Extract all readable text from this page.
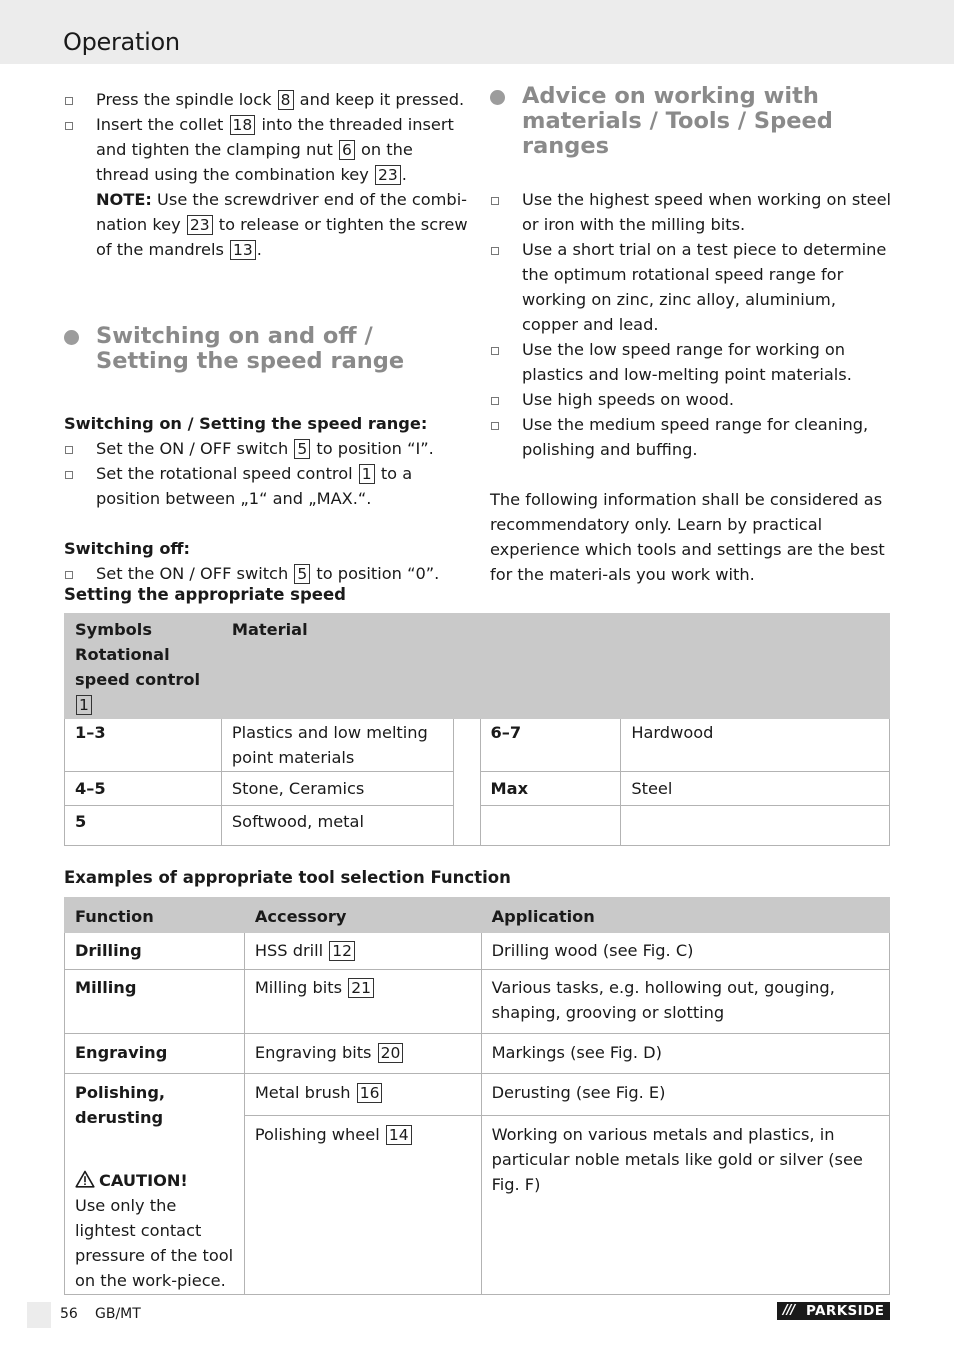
Operation
Press the spindle lock 8 and keep it pressed.
Insert the collet 18 into the threaded insert and tighten the clamping nut 6 on the thread using the combination key 23 .

NOTE: Use the screwdriver end of the combi-nation key 23 to release or tighten the screw of the mandrels 13 .

Switching on and off / Setting the speed range

Switching on / Setting the speed range:

Set the ON / OFF switch 5 to position “I”.
Set the rotational speed control 1 to a position between „1“ and „MAX.“.

Switching off:

Set the ON / OFF switch 5 to position “0”.
Advice on working with materials / Tools / Speed ranges
Use the highest speed when working on steel or iron with the milling bits.
Use a short trial on a test piece to determine the optimum rotational speed range for working on zinc, zinc alloy, aluminium, copper and lead.
Use the low speed range for working on plastics and low-melting point materials.
Use high speeds on wood.
Use the medium speed range for cleaning, polishing and buffing.

The following information shall be considered as recommendatory only. Learn by practical experience which tools and settings are the best for the materi-als you work with.

Setting the appropriate speed
Symbols Rotational speed control 1	Material			
1–3	Plastics and low melting point materials		6–7	Hardwood
4–5	Stone, Ceramics		Max	Steel
5	Softwood, metal			
Examples of appropriate tool selection Function
Function	Accessory	Application
Drilling	HSS drill 12	Drilling wood (see Fig. C)
Milling	Milling bits 21	Various tasks, e.g. hollowing out, gouging, shaping, grooving or slotting
Engraving	Engraving bits 20	Markings (see Fig. D)

Polishing, derusting
CAUTION!
Use only the lightest contact pressure of the tool on the work-piece.	Metal brush 16	Derusting (see Fig. E)
	Polishing wheel 14	Working on various metals and plastics, in particular noble metals like gold or silver (see Fig. F)
56 GB/MT	/// PARKSIDE
